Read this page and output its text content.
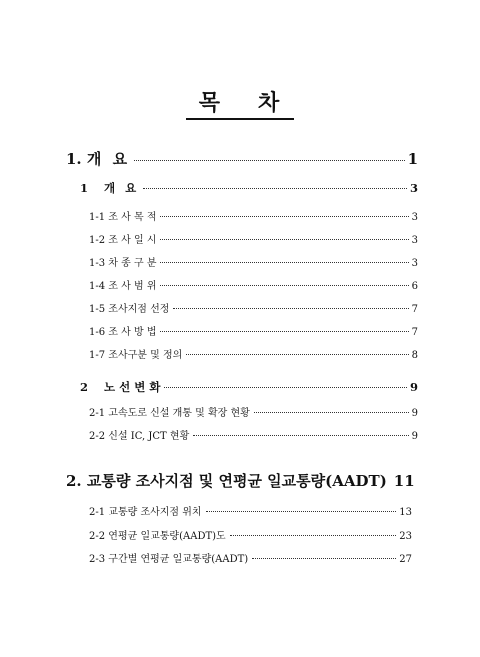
목 차
1. 개 요	1
1 개 요	3
1-1 조 사 목 적	3
1-2 조 사 일 시	3
1-3 차 종 구 분	3
1-4 조 사 범 위	6
1-5 조사지점 선정	7
1-6 조 사 방 법	7
1-7 조사구분 및 정의	8
2 노 선 변 화	9
2-1 고속도로 신설 개통 및 확장 현황	9
2-2 신설 IC, JCT 현황	9
2. 교통량 조사지점 및 연평균 일교통량(AADT) 11
2-1 교통량 조사지점 위치	13
2-2 연평균 일교통량(AADT)도	23
2-3 구간별 연평균 일교통량(AADT)	27
